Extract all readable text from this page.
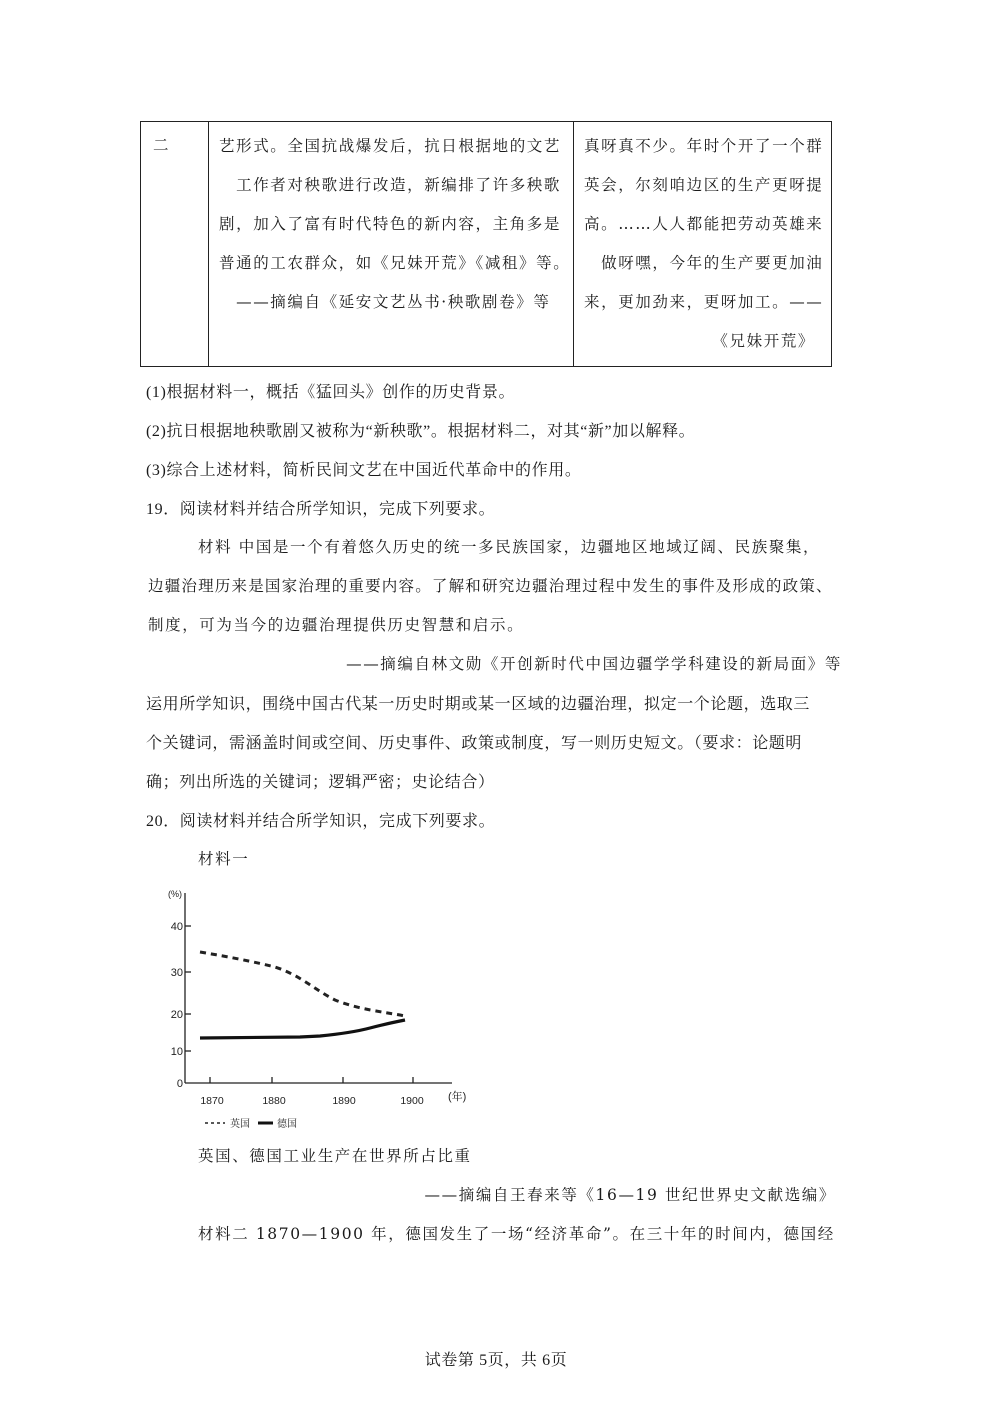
二	艺形式。全国抗战爆发后，抗日根据地的文艺
　工作者对秧歌进行改造，新编排了许多秧歌
剧，加入了富有时代特色的新内容，主角多是
普通的工农群众，如《兄妹开荒》《减租》等。
　——摘编自《延安文艺丛书·秧歌剧卷》等

真呀真不少。年时个开了一个群
英会，尔刻咱边区的生产更呀提
高。……人人都能把劳动英雄来
　做呀嘿，今年的生产要更加油
来，更加劲来，更呀加工。——
《兄妹开荒》
(1)根据材料一，概括《猛回头》创作的历史背景。
(2)抗日根据地秧歌剧又被称为“新秧歌”。根据材料二，对其“新”加以解释。
(3)综合上述材料，简析民间文艺在中国近代革命中的作用。
19．阅读材料并结合所学知识，完成下列要求。
材料 中国是一个有着悠久历史的统一多民族国家，边疆地区地域辽阔、民族聚集，
边疆治理历来是国家治理的重要内容。了解和研究边疆治理过程中发生的事件及形成的政策、
制度，可为当今的边疆治理提供历史智慧和启示。
——摘编自林文勋《开创新时代中国边疆学学科建设的新局面》等
运用所学知识，围绕中国古代某一历史时期或某一区域的边疆治理，拟定一个论题，选取三
个关键词，需涵盖时间或空间、历史事件、政策或制度，写一则历史短文。（要求：论题明
确；列出所选的关键词；逻辑严密；史论结合）
20．阅读材料并结合所学知识，完成下列要求。
材料一
(%)
40
30
20
10
0
1870	1880	1890	1900 (年)
英国	德国
英国、德国工业生产在世界所占比重
——摘编自王春来等《16—19 世纪世界史文献选编》
材料二 1870—1900 年，德国发生了一场“经济革命”。在三十年的时间内，德国经
试卷第 5页，共 6页
